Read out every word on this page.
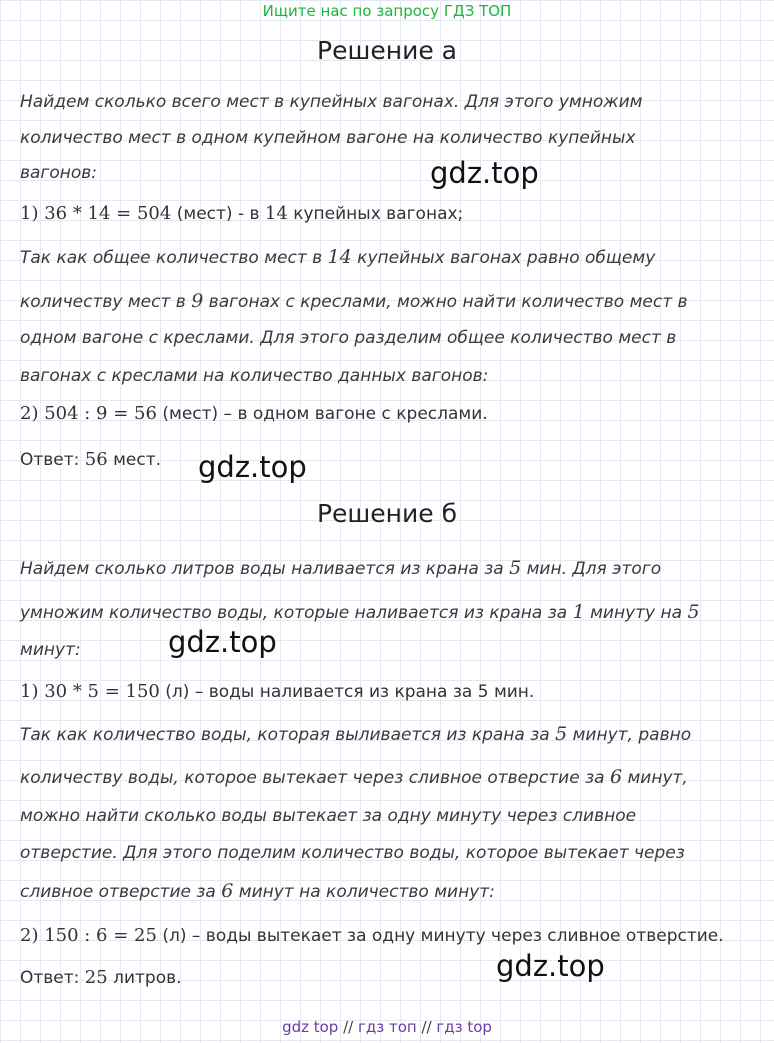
Ищите нас по запросу ГДЗ ТОП
Решение а
Найдем сколько всего мест в купейных вагонах. Для этого умножим
количество мест в одном купейном вагоне на количество купейных
вагонов:	gdz.top
1) 36 * 14 = 504 (мест) - в 14 купейных вагонах;
Так как общее количество мест в 14 купейных вагонах равно общему
количеству мест в 9 вагонах с креслами, можно найти количество мест в
одном вагоне с креслами. Для этого разделим общее количество мест в
вагонах с креслами на количество данных вагонов:
2) 504 : 9 = 56 (мест) – в одном вагоне с креслами.
Ответ: 56 мест. gdz.top
Решение б
Найдем сколько литров воды наливается из крана за 5 мин. Для этого
умножим количество воды, которые наливается из крана за 1 минуту на 5
минут:	gdz.top
1) 30 * 5 = 150 (л) – воды наливается из крана за 5 мин.
Так как количество воды, которая выливается из крана за 5 минут, равно
количеству воды, которое вытекает через сливное отверстие за 6 минут,
можно найти сколько воды вытекает за одну минуту через сливное
отверстие. Для этого поделим количество воды, которое вытекает через
сливное отверстие за 6 минут на количество минут:
2) 150 : 6 = 25 (л) – воды вытекает за одну минуту через сливное отверстие.
Ответ: 25 литров.	gdz.top
gdz top // гдз топ // гдз top
